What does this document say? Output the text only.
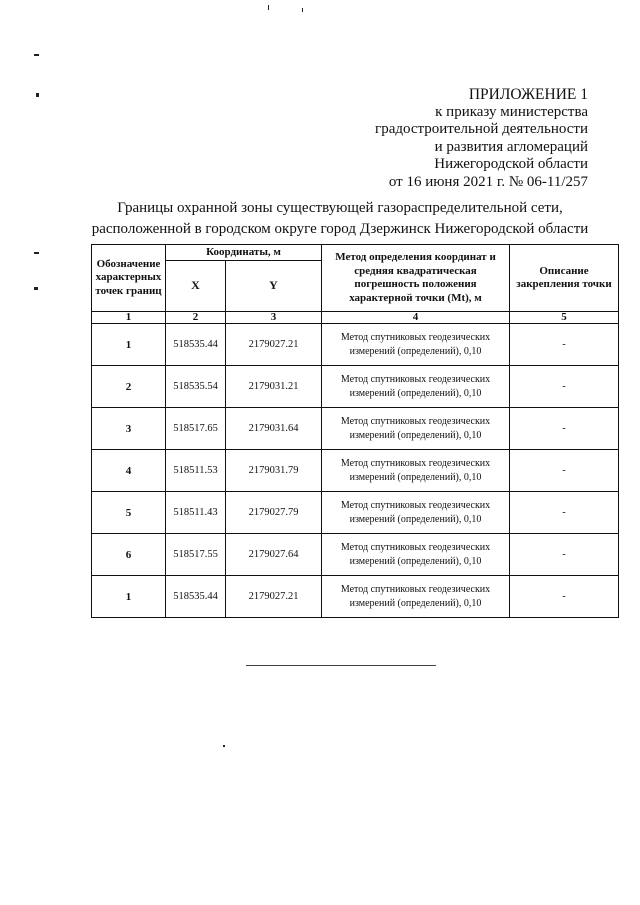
ПРИЛОЖЕНИЕ 1
к приказу министерства
градостроительной деятельности
и развития агломераций
Нижегородской области
от 16 июня 2021 г. № 06-11/257
Границы охранной зоны существующей газораспределительной сети,
расположенной в городском округе город Дзержинск Нижегородской области
Обозначение характерных точек границ	Координаты, м		Метод определения координат и средняя квадратическая погрешность положения характерной точки (Mt), м	Описание закрепления точки
	X	Y		
1	2	3	4	5
1	518535.44	2179027.21	Метод спутниковых геодезических измерений (определений), 0,10	-
2	518535.54	2179031.21	Метод спутниковых геодезических измерений (определений), 0,10	-
3	518517.65	2179031.64	Метод спутниковых геодезических измерений (определений), 0,10	-
4	518511.53	2179031.79	Метод спутниковых геодезических измерений (определений), 0,10	-
5	518511.43	2179027.79	Метод спутниковых геодезических измерений (определений), 0,10	-
6	518517.55	2179027.64	Метод спутниковых геодезических измерений (определений), 0,10	-
1	518535.44	2179027.21	Метод спутниковых геодезических измерений (определений), 0,10	-
